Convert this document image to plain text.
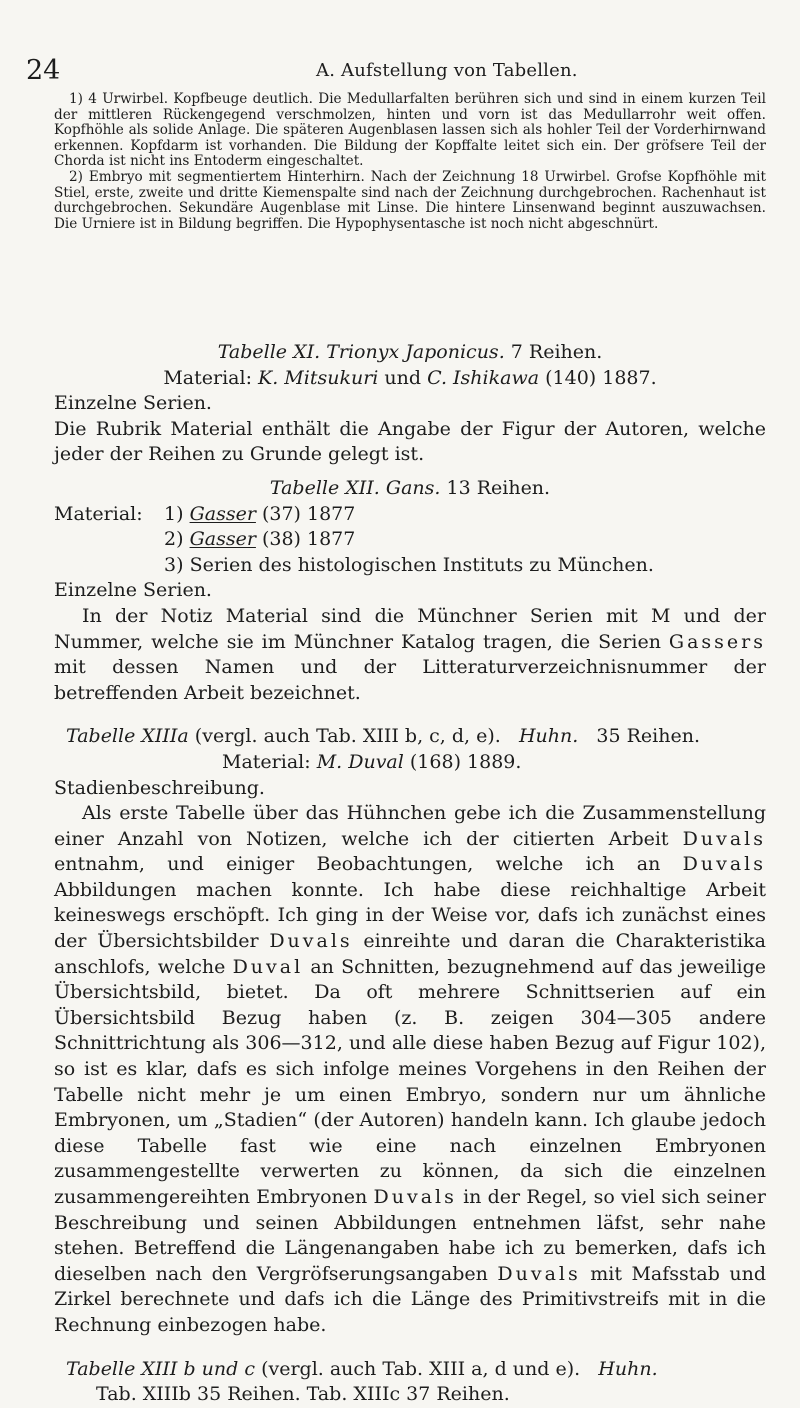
24	A. Aufstellung von Tabellen.

1) 4 Urwirbel. Kopfbeuge deutlich. Die Medullarfalten berühren sich und sind in einem kurzen Teil der mittleren Rückengegend verschmolzen, hinten und vorn ist das Medullarrohr weit offen. Kopfhöhle als solide Anlage. Die späteren Augenblasen lassen sich als hohler Teil der Vorderhirnwand erkennen. Kopfdarm ist vorhanden. Die Bildung der Kopffalte leitet sich ein. Der gröfsere Teil der Chorda ist nicht ins Entoderm eingeschaltet.

2) Embryo mit segmentiertem Hinterhirn. Nach der Zeichnung 18 Urwirbel. Grofse Kopfhöhle mit Stiel, erste, zweite und dritte Kiemenspalte sind nach der Zeichnung durchgebrochen. Rachenhaut ist durchgebrochen. Sekundäre Augenblase mit Linse. Die hintere Linsenwand beginnt auszuwachsen. Die Urniere ist in Bildung begriffen. Die Hypophysentasche ist noch nicht abgeschnürt.

Tabelle XI. Trionyx Japonicus. 7 Reihen.

Material: K. Mitsukuri und C. Ishikawa (140) 1887.

Einzelne Serien.

Die Rubrik Material enthält die Angabe der Figur der Autoren, welche jeder der Reihen zu Grunde gelegt ist.

Tabelle XII. Gans. 13 Reihen.

Material:	1) Gasser (37) 1877
2) Gasser (38) 1877
3) Serien des histologischen Instituts zu München.

Einzelne Serien.

In der Notiz Material sind die Münchner Serien mit M und der Nummer, welche sie im Münchner Katalog tragen, die Serien Gassers mit dessen Namen und der Litteraturverzeichnisnummer der betreffenden Arbeit bezeichnet.

Tabelle XIIIa (vergl. auch Tab. XIII b, c, d, e). Huhn. 35 Reihen.

Material: M. Duval (168) 1889.

Stadienbeschreibung.

Als erste Tabelle über das Hühnchen gebe ich die Zusammenstellung einer Anzahl von Notizen, welche ich der citierten Arbeit Duvals entnahm, und einiger Beobachtungen, welche ich an Duvals Abbildungen machen konnte. Ich habe diese reichhaltige Arbeit keineswegs erschöpft. Ich ging in der Weise vor, dafs ich zunächst eines der Übersichtsbilder Duvals einreihte und daran die Charakteristika anschlofs, welche Duval an Schnitten, bezugnehmend auf das jeweilige Übersichtsbild, bietet. Da oft mehrere Schnittserien auf ein Übersichtsbild Bezug haben (z. B. zeigen 304—305 andere Schnittrichtung als 306—312, und alle diese haben Bezug auf Figur 102), so ist es klar, dafs es sich infolge meines Vorgehens in den Reihen der Tabelle nicht mehr je um einen Embryo, sondern nur um ähnliche Embryonen, um „Stadien“ (der Autoren) handeln kann. Ich glaube jedoch diese Tabelle fast wie eine nach einzelnen Embryonen zusammengestellte verwerten zu können, da sich die einzelnen zusammengereihten Embryonen Duvals in der Regel, so viel sich seiner Beschreibung und seinen Abbildungen entnehmen läfst, sehr nahe stehen. Betreffend die Längenangaben habe ich zu bemerken, dafs ich dieselben nach den Vergröfserungsangaben Duvals mit Mafsstab und Zirkel berechnete und dafs ich die Länge des Primitivstreifs mit in die Rechnung einbezogen habe.

Tabelle XIII b und c (vergl. auch Tab. XIII a, d und e). Huhn.

Tab. XIIIb 35 Reihen. Tab. XIIIc 37 Reihen.
